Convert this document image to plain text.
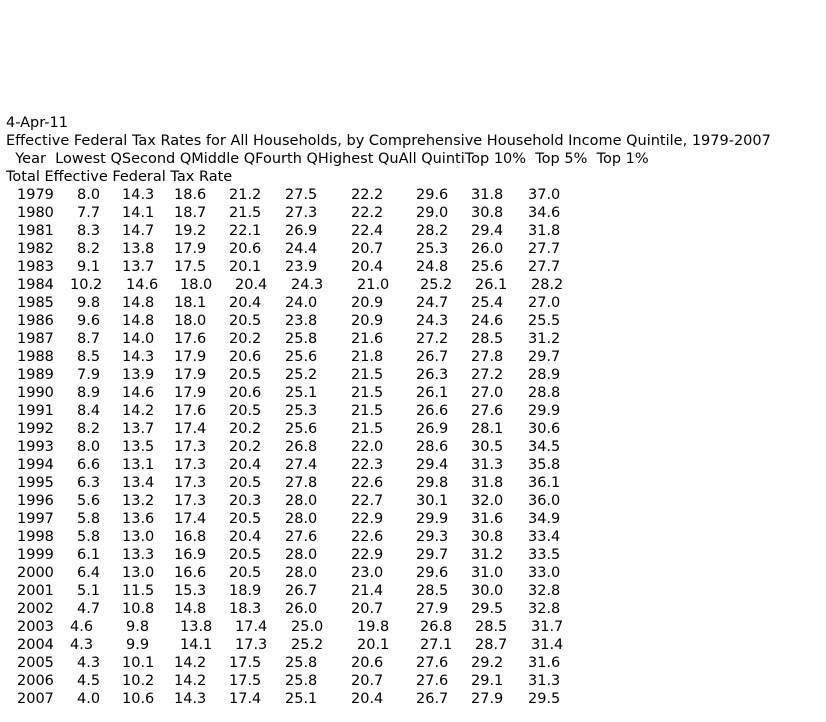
4-Apr-11
Effective Federal Tax Rates for All Households, by Comprehensive Household Income Quintile, 1979-2007
Year  Lowest QSecond QMiddle QFourth QHighest QuAll QuintiTop 10%  Top 5%  Top 1%
Total Effective Federal Tax Rate
1979 8.0 14.3 18.6 21.2 27.5 22.2 29.6 31.8 37.0
1980 7.7 14.1 18.7 21.5 27.3 22.2 29.0 30.8 34.6
1981 8.3 14.7 19.2 22.1 26.9 22.4 28.2 29.4 31.8
1982 8.2 13.8 17.9 20.6 24.4 20.7 25.3 26.0 27.7
1983 9.1 13.7 17.5 20.1 23.9 20.4 24.8 25.6 27.7
1984 10.2 14.6 18.0 20.4 24.3 21.0 25.2 26.1 28.2
1985 9.8 14.8 18.1 20.4 24.0 20.9 24.7 25.4 27.0
1986 9.6 14.8 18.0 20.5 23.8 20.9 24.3 24.6 25.5
1987 8.7 14.0 17.6 20.2 25.8 21.6 27.2 28.5 31.2
1988 8.5 14.3 17.9 20.6 25.6 21.8 26.7 27.8 29.7
1989 7.9 13.9 17.9 20.5 25.2 21.5 26.3 27.2 28.9
1990 8.9 14.6 17.9 20.6 25.1 21.5 26.1 27.0 28.8
1991 8.4 14.2 17.6 20.5 25.3 21.5 26.6 27.6 29.9
1992 8.2 13.7 17.4 20.2 25.6 21.5 26.9 28.1 30.6
1993 8.0 13.5 17.3 20.2 26.8 22.0 28.6 30.5 34.5
1994 6.6 13.1 17.3 20.4 27.4 22.3 29.4 31.3 35.8
1995 6.3 13.4 17.3 20.5 27.8 22.6 29.8 31.8 36.1
1996 5.6 13.2 17.3 20.3 28.0 22.7 30.1 32.0 36.0
1997 5.8 13.6 17.4 20.5 28.0 22.9 29.9 31.6 34.9
1998 5.8 13.0 16.8 20.4 27.6 22.6 29.3 30.8 33.4
1999 6.1 13.3 16.9 20.5 28.0 22.9 29.7 31.2 33.5
2000 6.4 13.0 16.6 20.5 28.0 23.0 29.6 31.0 33.0
2001 5.1 11.5 15.3 18.9 26.7 21.4 28.5 30.0 32.8
2002 4.7 10.8 14.8 18.3 26.0 20.7 27.9 29.5 32.8
2003 4.6 9.8 13.8 17.4 25.0 19.8 26.8 28.5 31.7
2004 4.3 9.9 14.1 17.3 25.2 20.1 27.1 28.7 31.4
2005 4.3 10.1 14.2 17.5 25.8 20.6 27.6 29.2 31.6
2006 4.5 10.2 14.2 17.5 25.8 20.7 27.6 29.1 31.3
2007 4.0 10.6 14.3 17.4 25.1 20.4 26.7 27.9 29.5
